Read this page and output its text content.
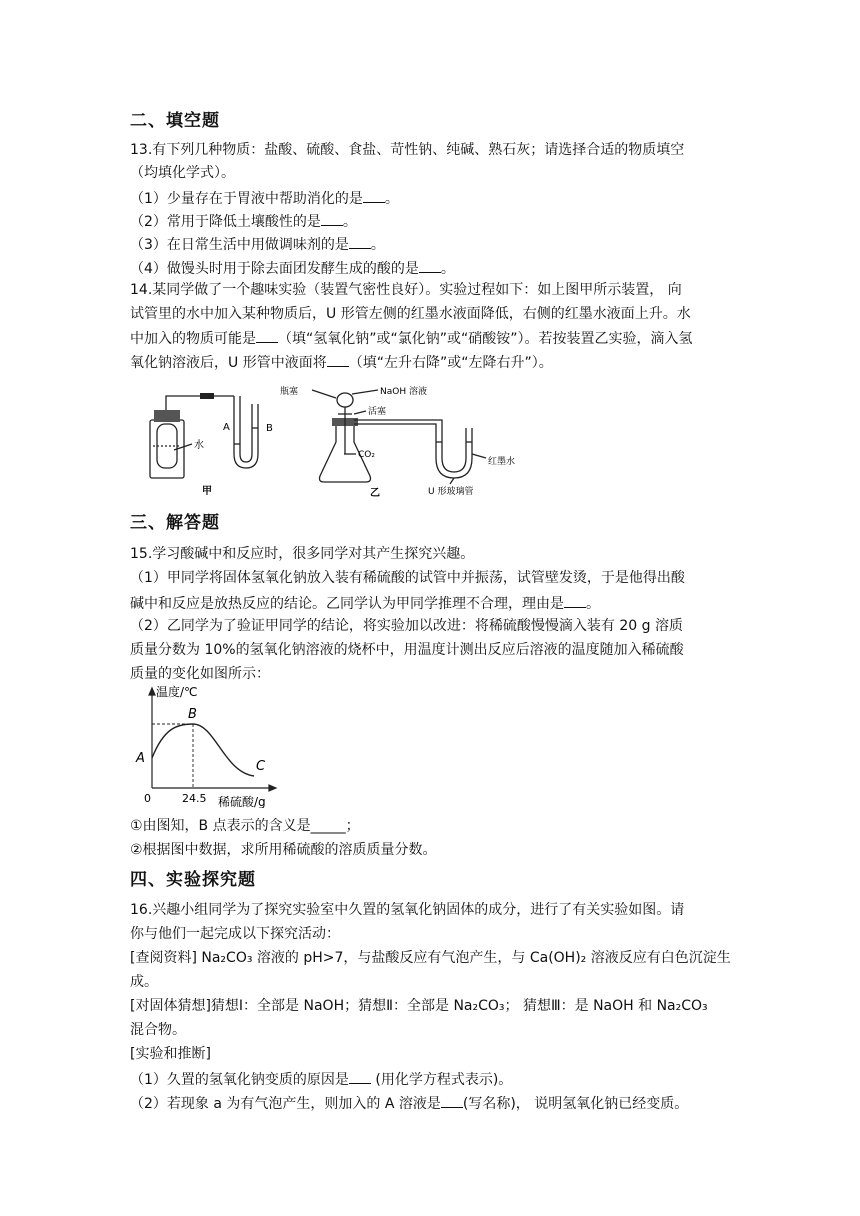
二、填空题
13.有下列几种物质：盐酸、硫酸、食盐、苛性钠、纯碱、熟石灰；请选择合适的物质填空
（均填化学式）。
（1）少量存在于胃液中帮助消化的是 。
（2）常用于降低土壤酸性的是 。
（3）在日常生活中用做调味剂的是 。
（4）做馒头时用于除去面团发酵生成的酸的是 。
14.某同学做了一个趣味实验（装置气密性良好）。实验过程如下：如上图甲所示装置， 向
试管里的水中加入某种物质后，U 形管左侧的红墨水液面降低，右侧的红墨水液面上升。水
中加入的物质可能是 （填“氢氧化钠”或“氯化钠”或“硝酸铵”）。若按装置乙实验，滴入氢
氧化钠溶液后，U 形管中液面将 （填“左升右降”或“左降右升”）。
A	B
水
甲
瓶塞	NaOH 溶液
活塞
CO₂
红墨水
U 形玻璃管
乙
三、解答题
15.学习酸碱中和反应时，很多同学对其产生探究兴趣。
（1）甲同学将固体氢氧化钠放入装有稀硫酸的试管中并振荡，试管壁发烫，于是他得出酸
碱中和反应是放热反应的结论。乙同学认为甲同学推理不合理，理由是 。
（2）乙同学为了验证甲同学的结论，将实验加以改进：将稀硫酸慢慢滴入装有 20 g 溶质
质量分数为 10%的氢氧化钠溶液的烧杯中，用温度计测出反应后溶液的温度随加入稀硫酸
质量的变化如图所示：
温度/℃
稀硫酸/g
0	24.5
A
B
C
①由图知，B 点表示的含义是_____；
②根据图中数据，求所用稀硫酸的溶质质量分数。
四、实验探究题
16.兴趣小组同学为了探究实验室中久置的氢氧化钠固体的成分，进行了有关实验如图。请
你与他们一起完成以下探究活动：
[查阅资料] Na₂CO₃ 溶液的 pH>7，与盐酸反应有气泡产生，与 Ca(OH)₂ 溶液反应有白色沉淀生
成。
[对固体猜想]猜想Ⅰ：全部是 NaOH；猜想Ⅱ：全部是 Na₂CO₃； 猜想Ⅲ：是 NaOH 和 Na₂CO₃
混合物。
[实验和推断]
（1）久置的氢氧化钠变质的原因是 (用化学方程式表示)。
（2）若现象 a 为有气泡产生，则加入的 A 溶液是 (写名称)， 说明氢氧化钠已经变质。
